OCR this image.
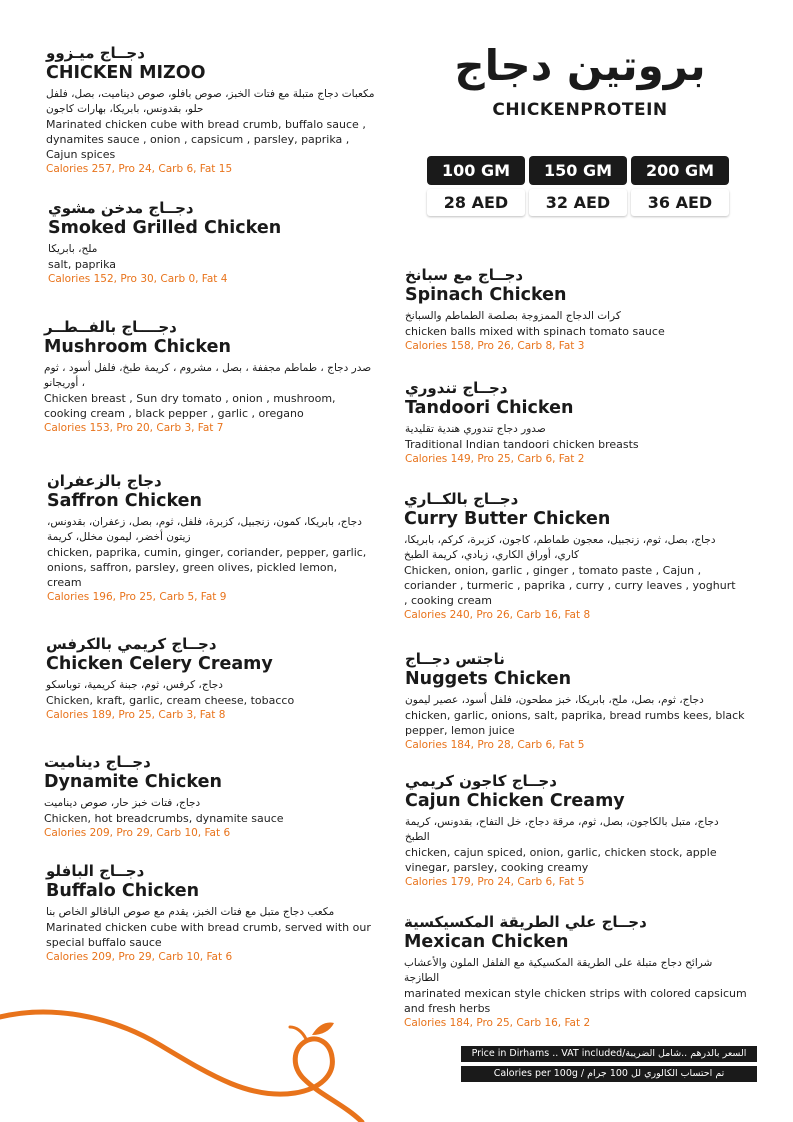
بروتين دجاج
CHICKENPROTEIN
100 GM	150 GM	200 GM
28 AED	32 AED	36 AED

دجــاج ميـزوو

CHICKEN MIZOO

مكعبات دجاج متبلة مع فتات الخبز، صوص بافلو، صوص ديناميت، بصل، فلفل حلو، بقدونس، بابريكا، بهارات كاجون

Marinated chicken cube with bread crumb, buffalo sauce , dynamites sauce , onion , capsicum , parsley, paprika , Cajun spices

Calories 257, Pro 24, Carb 6, Fat 15

دجــاج مدخن مشوي

Smoked Grilled Chicken

ملح، بابريكا

salt, paprika

Calories 152, Pro 30, Carb 0, Fat 4

دجــــاج بالفــطــر

Mushroom Chicken

صدر دجاج ، طماطم مجففة ، بصل ، مشروم ، كريمة طبخ، فلفل أسود ، ثوم ، أوريجانو

Chicken breast , Sun dry tomato , onion , mushroom, cooking cream , black pepper , garlic , oregano

Calories 153, Pro 20, Carb 3, Fat 7

دجاج بالزعفران

Saffron Chicken

دجاج، بابريكا، كمون، زنجبيل، كزبرة، فلفل، ثوم، بصل، زعفران، بقدونس، زيتون أخضر، ليمون مخلل، كريمة

chicken, paprika, cumin, ginger, coriander, pepper, garlic, onions, saffron, parsley, green olives, pickled lemon, cream

Calories 196, Pro 25, Carb 5, Fat 9

دجــاج كريمي بالكرفس

Chicken Celery Creamy

دجاج، كرفس، ثوم، جبنة كريمية، توباسكو

Chicken, kraft, garlic, cream cheese, tobacco

Calories 189, Pro 25, Carb 3, Fat 8

دجــاج ديناميت

Dynamite Chicken

دجاج، فتات خبز حار، صوص ديناميت

Chicken, hot breadcrumbs, dynamite sauce

Calories 209, Pro 29, Carb 10, Fat 6

دجــاج البافلو

Buffalo Chicken

مكعب دجاج متبل مع فتات الخبز، يقدم مع صوص البافالو الخاص بنا

Marinated chicken cube with bread crumb, served with our special buffalo sauce

Calories 209, Pro 29, Carb 10, Fat 6

دجــاج مع سبانخ

Spinach Chicken

كرات الدجاج الممزوجة بصلصة الطماطم والسبانخ

chicken balls mixed with spinach tomato sauce

Calories 158, Pro 26, Carb 8, Fat 3

دجــاج تندوري

Tandoori Chicken

صدور دجاج تندوري هندية تقليدية

Traditional Indian tandoori chicken breasts

Calories 149, Pro 25, Carb 6, Fat 2

دجــاج بالكــاري

Curry Butter Chicken

دجاج، بصل، ثوم، زنجبيل، معجون طماطم، كاجون، كزبرة، كركم، بابريكا، كاري، أوراق الكاري، زبادي، كريمة الطبخ

Chicken, onion, garlic , ginger , tomato paste , Cajun , coriander , turmeric , paprika , curry , curry leaves , yoghurt , cooking cream

Calories 240, Pro 26, Carb 16, Fat 8

ناجتس دجــاج

Nuggets Chicken

دجاج، ثوم، بصل، ملح، بابريكا، خبز مطحون، فلفل أسود، عصير ليمون

chicken, garlic, onions, salt, paprika, bread rumbs kees, black pepper, lemon juice

Calories 184, Pro 28, Carb 6, Fat 5

دجــاج كاجون كريمي

Cajun Chicken Creamy

دجاج، متبل بالكاجون، بصل، ثوم، مرقة دجاج، خل التفاح، بقدونس، كريمة الطبخ

chicken, cajun spiced, onion, garlic, chicken stock, apple vinegar, parsley, cooking creamy

Calories 179, Pro 24, Carb 6, Fat 5

دجــاج علي الطريقة المكسيكسية

Mexican Chicken

شرائح دجاج متبلة على الطريقة المكسيكية مع الفلفل الملون والأعشاب الطازجة

marinated mexican style chicken strips with colored capsicum and fresh herbs

Calories 184, Pro 25, Carb 16, Fat 2

Price in Dirhams .. VAT included/السعر بالدرهم ..شامل الضريبة
Calories per 100g / تم احتساب الكالوري لل 100 جرام
